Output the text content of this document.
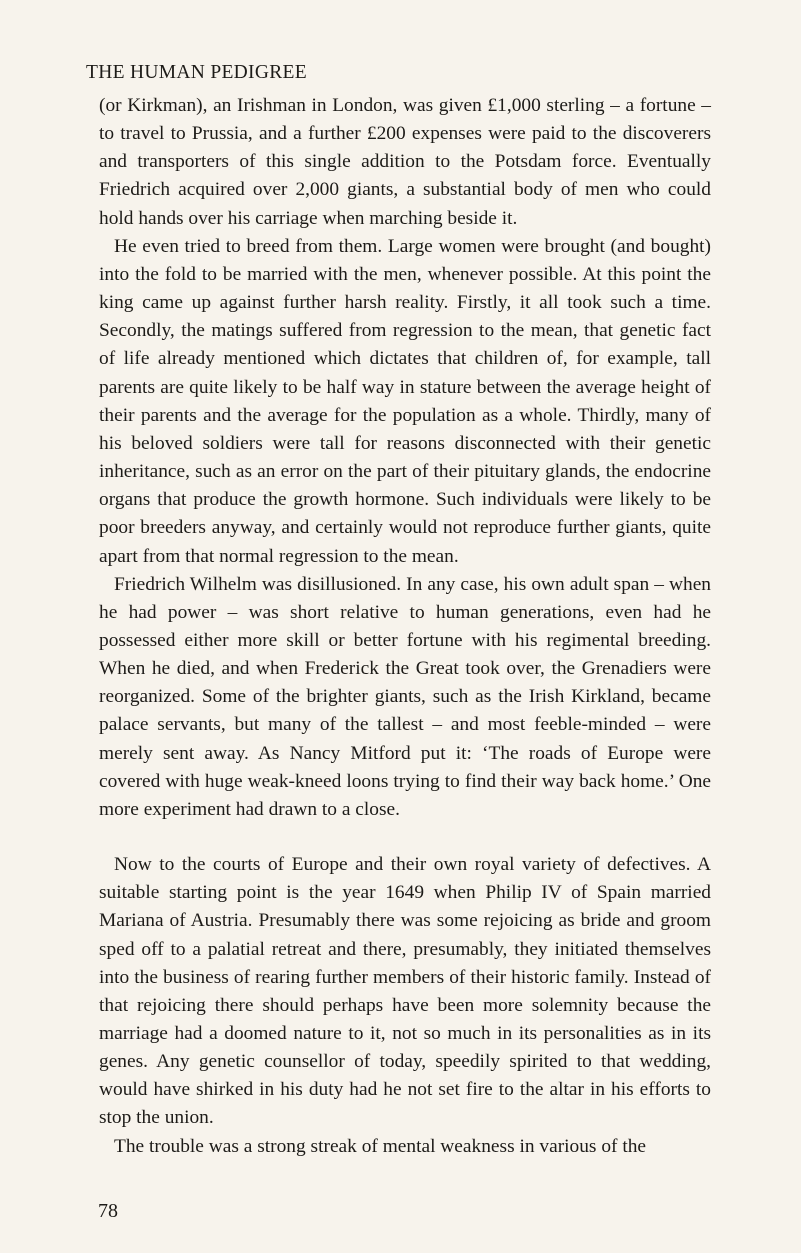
THE HUMAN PEDIGREE

(or Kirkman), an Irishman in London, was given £1,000 sterling – a fortune – to travel to Prussia, and a further £200 expenses were paid to the discoverers and transporters of this single addition to the Potsdam force. Eventually Friedrich acquired over 2,000 giants, a substantial body of men who could hold hands over his carriage when marching beside it.

He even tried to breed from them. Large women were brought (and bought) into the fold to be married with the men, whenever possible. At this point the king came up against further harsh reality. Firstly, it all took such a time. Secondly, the matings suffered from regression to the mean, that genetic fact of life already mentioned which dictates that children of, for example, tall parents are quite likely to be half way in stature between the average height of their parents and the average for the population as a whole. Thirdly, many of his beloved soldiers were tall for reasons disconnected with their genetic inheritance, such as an error on the part of their pituitary glands, the endocrine organs that produce the growth hormone. Such individuals were likely to be poor breeders anyway, and certainly would not reproduce further giants, quite apart from that normal regression to the mean.

Friedrich Wilhelm was disillusioned. In any case, his own adult span – when he had power – was short relative to human generations, even had he possessed either more skill or better fortune with his regimental breeding. When he died, and when Frederick the Great took over, the Grenadiers were reorganized. Some of the brighter giants, such as the Irish Kirkland, became palace servants, but many of the tallest – and most feeble-minded – were merely sent away. As Nancy Mitford put it: ‘The roads of Europe were covered with huge weak-kneed loons trying to find their way back home.’ One more experiment had drawn to a close.

Now to the courts of Europe and their own royal variety of defectives. A suitable starting point is the year 1649 when Philip IV of Spain married Mariana of Austria. Presumably there was some rejoicing as bride and groom sped off to a palatial retreat and there, presumably, they initiated themselves into the business of rearing further members of their historic family. Instead of that rejoicing there should perhaps have been more solemnity because the marriage had a doomed nature to it, not so much in its personalities as in its genes. Any genetic counsellor of today, speedily spirited to that wedding, would have shirked in his duty had he not set fire to the altar in his efforts to stop the union.

The trouble was a strong streak of mental weakness in various of the

78
